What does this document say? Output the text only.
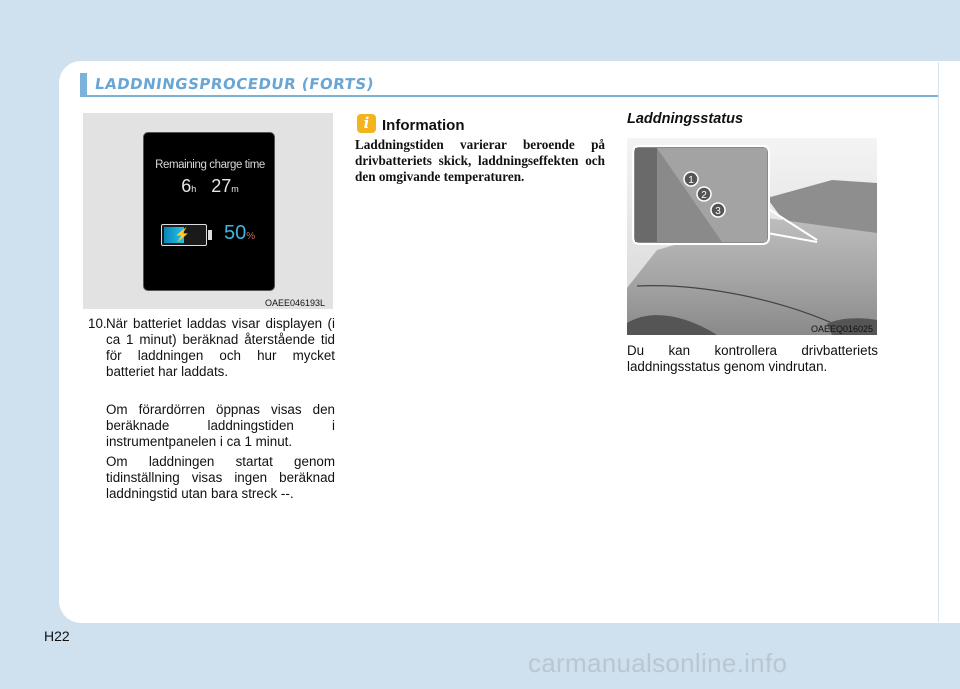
LADDNINGSPROCEDUR (FORTS)
Remaining charge time
6h 27m
⚡ 50%
OAEE046193L
10. När batteriet laddas visar displayen (i ca 1 minut) beräknad återstående tid för laddningen och hur mycket batteriet har laddats.
Om förardörren öppnas visas den beräknade laddningstiden i instrumentpanelen i ca 1 minut.
Om laddningen startat genom tidinställning visas ingen beräknad laddningstid utan bara streck --.
i Information
Laddningstiden varierar beroende på drivbatteriets skick, laddningseffekten och den omgivande temperaturen.
Laddningsstatus
1
2
3
OAEEQ016025
Du kan kontrollera drivbatteriets laddningsstatus genom vindrutan.
H22
carmanualsonline.info
